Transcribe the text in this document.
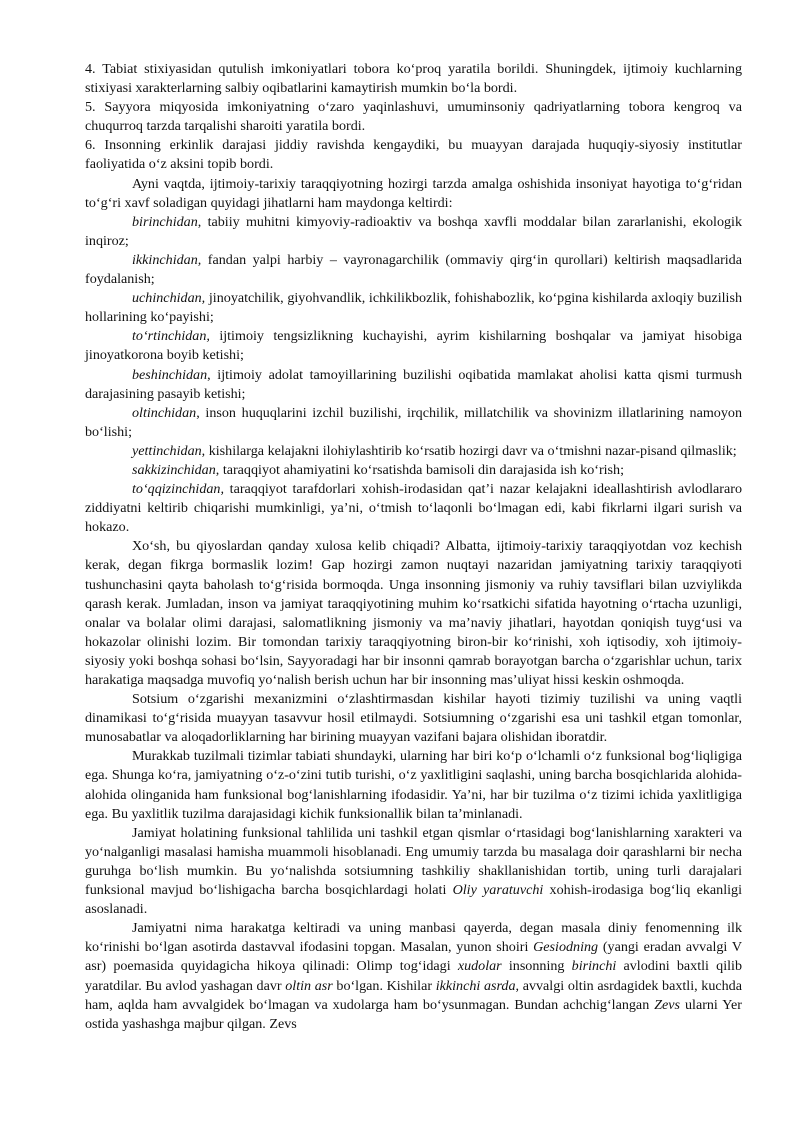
4. Tabiat stixiyasidan qutulish imkoniyatlari tobora ko‘proq yaratila borildi. Shuningdek, ijtimoiy kuchlarning stixiyasi xarakterlarning salbiy oqibatlarini kamaytirish mumkin bo‘la bordi.

5. Sayyora miqyosida imkoniyatning o‘zaro yaqinlashuvi, umuminsoniy qadriyatlarning tobora kengroq va chuqurroq tarzda tarqalishi sharoiti yaratila bordi.

6. Insonning erkinlik darajasi jiddiy ravishda kengaydiki, bu muayyan darajada huquqiy-siyosiy institutlar faoliyatida o‘z aksini topib bordi.

Ayni vaqtda, ijtimoiy-tarixiy taraqqiyotning hozirgi tarzda amalga oshishida insoniyat hayotiga to‘g‘ridan to‘g‘ri xavf soladigan quyidagi jihatlarni ham maydonga keltirdi:

birinchidan, tabiiy muhitni kimyoviy-radioaktiv va boshqa xavfli moddalar bilan zararlanishi, ekologik inqiroz;

ikkinchidan, fandan yalpi harbiy – vayronagarchilik (ommaviy qirg‘in qurollari) keltirish maqsadlarida foydalanish;

uchinchidan, jinoyatchilik, giyohvandlik, ichkilikbozlik, fohishabozlik, ko‘pgina kishilarda axloqiy buzilish hollarining ko‘payishi;

to‘rtinchidan, ijtimoiy tengsizlikning kuchayishi, ayrim kishilarning boshqalar va jamiyat hisobiga jinoyatkorona boyib ketishi;

beshinchidan, ijtimoiy adolat tamoyillarining buzilishi oqibatida mamlakat aholisi katta qismi turmush darajasining pasayib ketishi;

oltinchidan, inson huquqlarini izchil buzilishi, irqchilik, millatchilik va shovinizm illatlarining namoyon bo‘lishi;

yettinchidan, kishilarga kelajakni ilohiylashtirib ko‘rsatib hozirgi davr va o‘tmishni nazar-pisand qilmaslik;

sakkizinchidan, taraqqiyot ahamiyatini ko‘rsatishda bamisoli din darajasida ish ko‘rish;

to‘qqizinchidan, taraqqiyot tarafdorlari xohish-irodasidan qat’i nazar kelajakni ideallashtirish avlodlararo ziddiyatni keltirib chiqarishi mumkinligi, ya’ni, o‘tmish to‘laqonli bo‘lmagan edi, kabi fikrlarni ilgari surish va hokazo.

Xo‘sh, bu qiyoslardan qanday xulosa kelib chiqadi? Albatta, ijtimoiy-tarixiy taraqqiyotdan voz kechish kerak, degan fikrga bormaslik lozim! Gap hozirgi zamon nuqtayi nazaridan jamiyatning tarixiy taraqqiyoti tushunchasini qayta baholash to‘g‘risida bormoqda. Unga insonning jismoniy va ruhiy tavsiflari bilan uzviylikda qarash kerak. Jumladan, inson va jamiyat taraqqiyotining muhim ko‘rsatkichi sifatida hayotning o‘rtacha uzunligi, onalar va bolalar olimi darajasi, salomatlikning jismoniy va ma’naviy jihatlari, hayotdan qoniqish tuyg‘usi va hokazolar olinishi lozim. Bir tomondan tarixiy taraqqiyotning biron-bir ko‘rinishi, xoh iqtisodiy, xoh ijtimoiy-siyosiy yoki boshqa sohasi bo‘lsin, Sayyoradagi har bir insonni qamrab borayotgan barcha o‘zgarishlar uchun, tarix harakatiga maqsadga muvofiq yo‘nalish berish uchun har bir insonning mas’uliyat hissi keskin oshmoqda.

Sotsium o‘zgarishi mexanizmini o‘zlashtirmasdan kishilar hayoti tizimiy tuzilishi va uning vaqtli dinamikasi to‘g‘risida muayyan tasavvur hosil etilmaydi. Sotsiumning o‘zgarishi esa uni tashkil etgan tomonlar, munosabatlar va aloqadorliklarning har birining muayyan vazifani bajara olishidan iboratdir.

Murakkab tuzilmali tizimlar tabiati shundayki, ularning har biri ko‘p o‘lchamli o‘z funksional bog‘liqligiga ega. Shunga ko‘ra, jamiyatning o‘z-o‘zini tutib turishi, o‘z yaxlitligini saqlashi, uning barcha bosqichlarida alohida-alohida olinganida ham funksional bog‘lanishlarning ifodasidir. Ya’ni, har bir tuzilma o‘z tizimi ichida yaxlitligiga ega. Bu yaxlitlik tuzilma darajasidagi kichik funksionallik bilan ta’minlanadi.

Jamiyat holatining funksional tahlilida uni tashkil etgan qismlar o‘rtasidagi bog‘lanishlarning xarakteri va yo‘nalganligi masalasi hamisha muammoli hisoblanadi. Eng umumiy tarzda bu masalaga doir qarashlarni bir necha guruhga bo‘lish mumkin. Bu yo‘nalishda sotsiumning tashkiliy shakllanishidan tortib, uning turli darajalari funksional mavjud bo‘lishigacha barcha bosqichlardagi holati Oliy yaratuvchi xohish-irodasiga bog‘liq ekanligi asoslanadi.

Jamiyatni nima harakatga keltiradi va uning manbasi qayerda, degan masala diniy fenomenning ilk ko‘rinishi bo‘lgan asotirda dastavval ifodasini topgan. Masalan, yunon shoiri Gesiodning (yangi eradan avvalgi V asr) poemasida quyidagicha hikoya qilinadi: Olimp tog‘idagi xudolar insonning birinchi avlodini baxtli qilib yaratdilar. Bu avlod yashagan davr oltin asr bo‘lgan. Kishilar ikkinchi asrda, avvalgi oltin asrdagidek baxtli, kuchda ham, aqlda ham avvalgidek bo‘lmagan va xudolarga ham bo‘ysunmagan. Bundan achchig‘langan Zevs ularni Yer ostida yashashga majbur qilgan. Zevs
